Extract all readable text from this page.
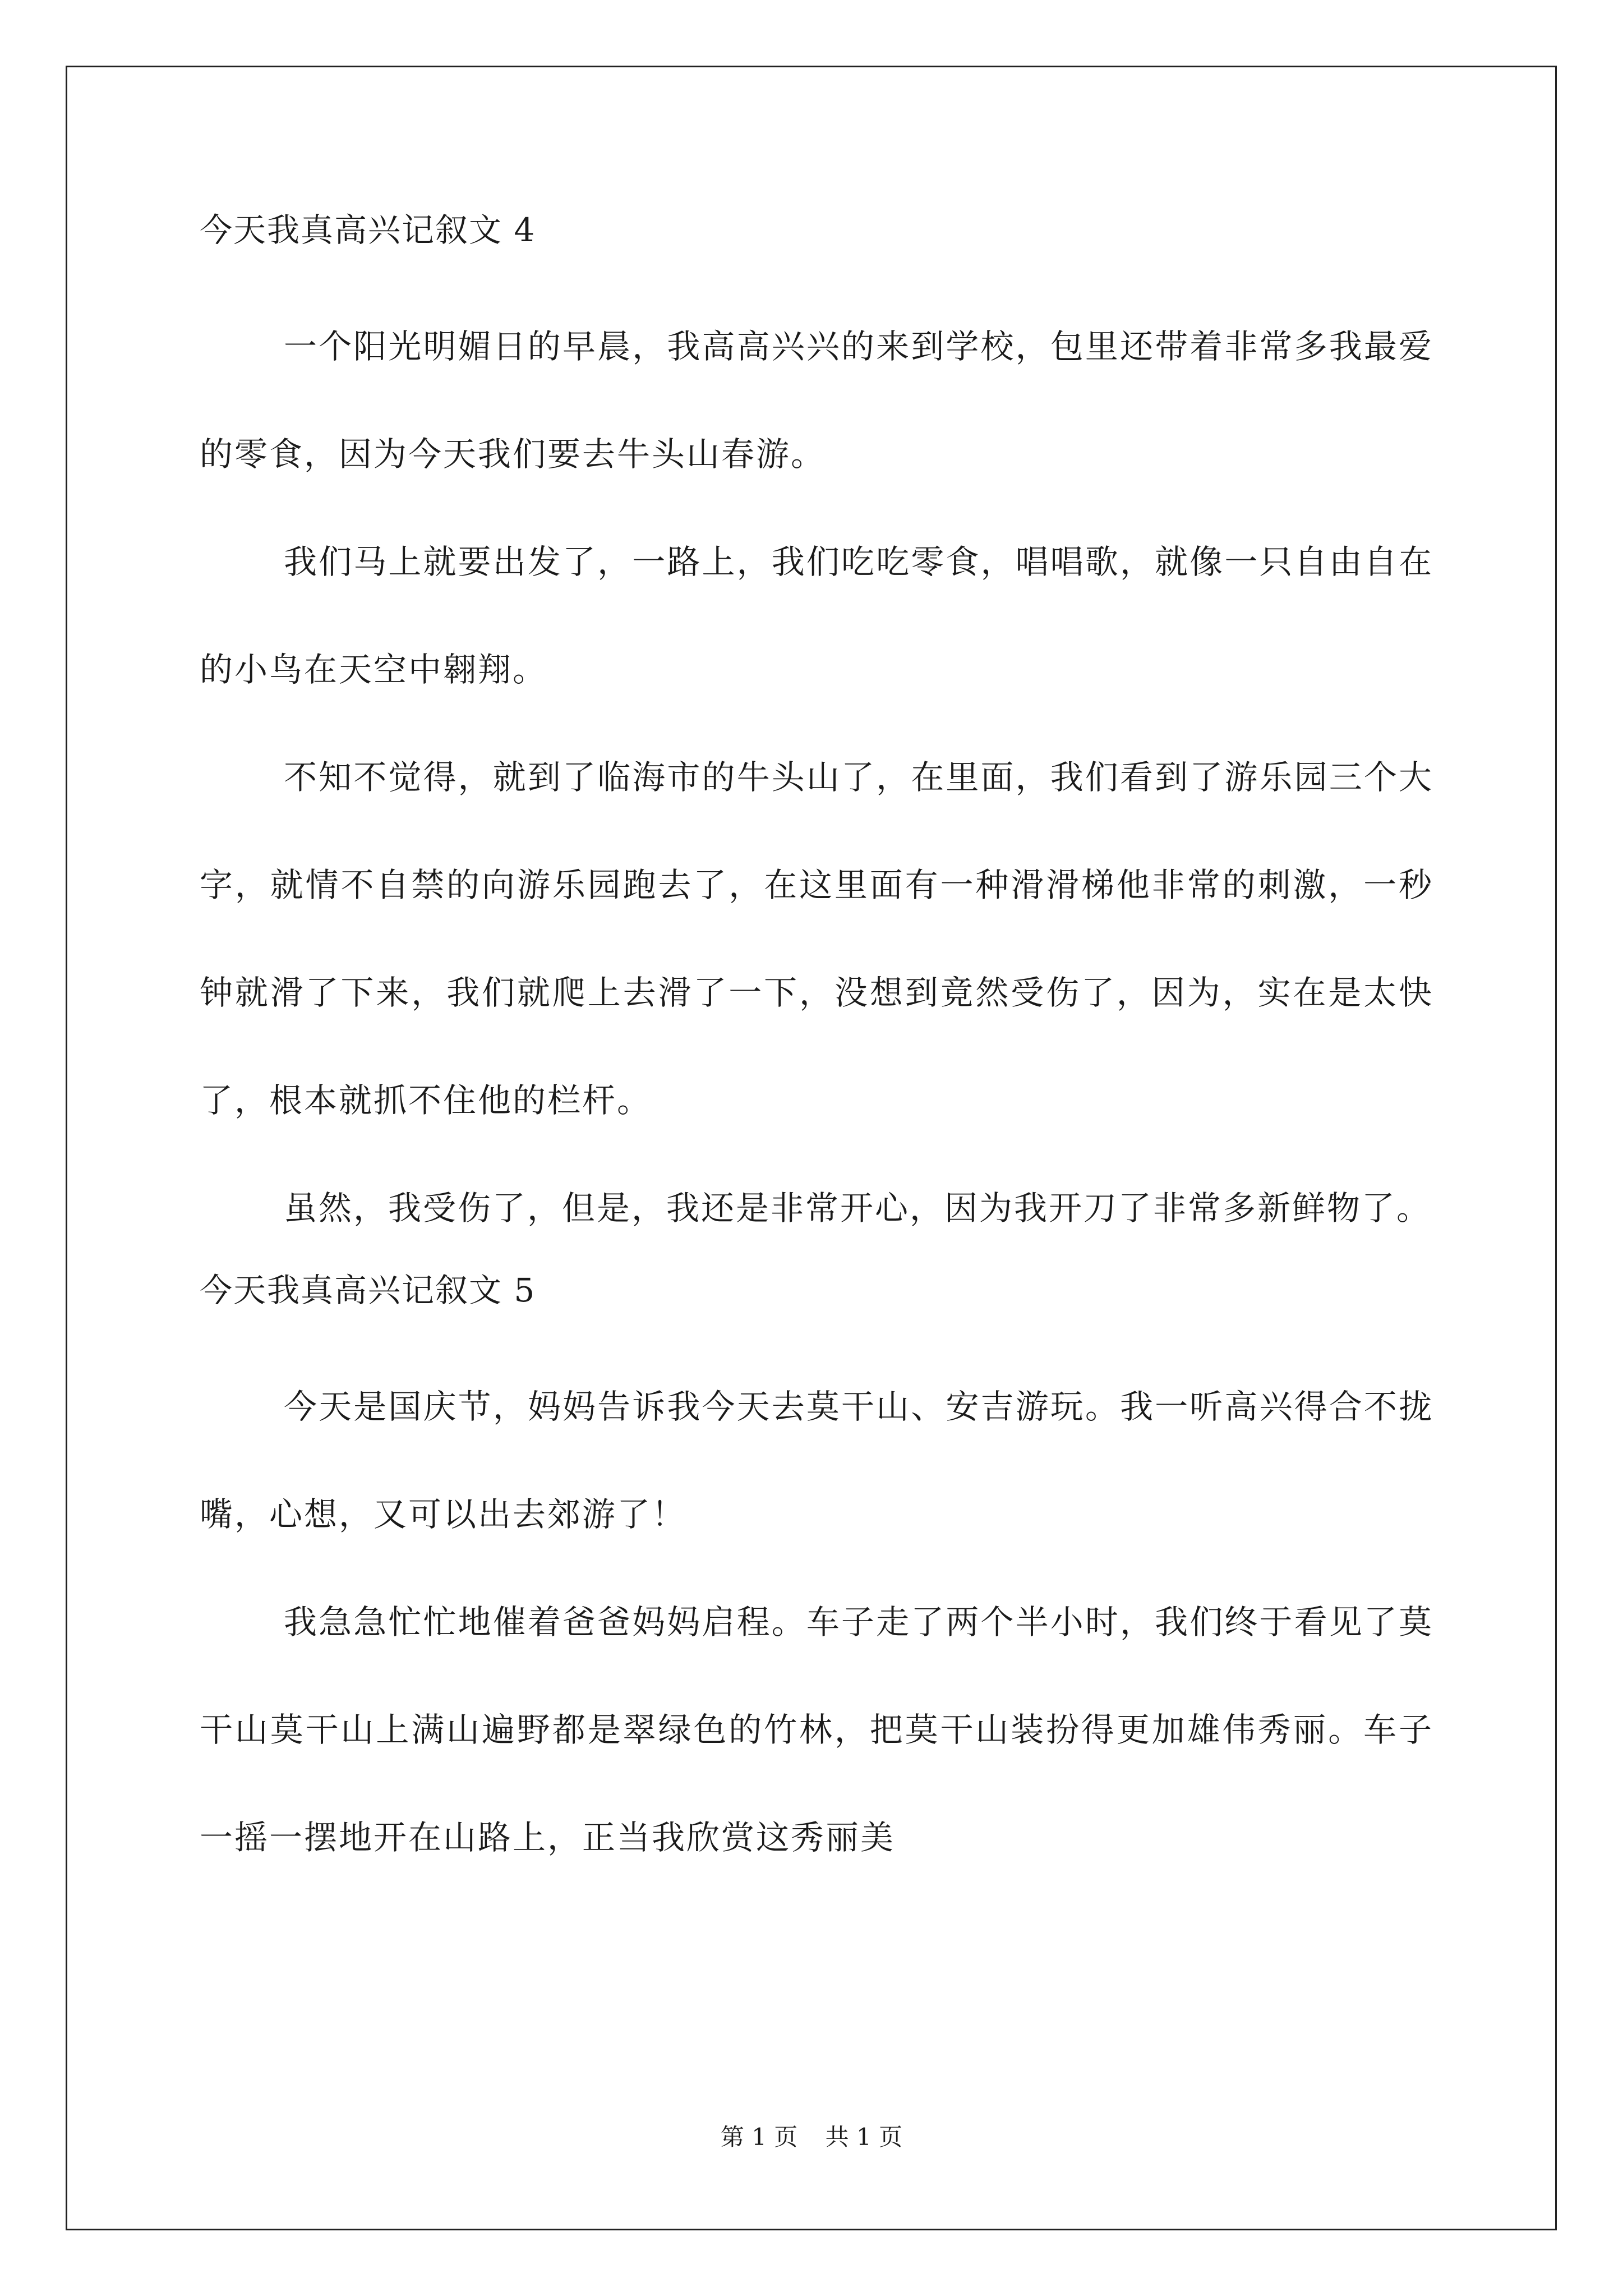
今天我真高兴记叙文 4

一个阳光明媚日的早晨，我高高兴兴的来到学校，包里还带着非常多我最爱的零食，因为今天我们要去牛头山春游。

我们马上就要出发了，一路上，我们吃吃零食，唱唱歌，就像一只自由自在的小鸟在天空中翱翔。

不知不觉得，就到了临海市的牛头山了，在里面，我们看到了游乐园三个大字，就情不自禁的向游乐园跑去了，在这里面有一种滑滑梯他非常的刺激，一秒钟就滑了下来，我们就爬上去滑了一下，没想到竟然受伤了，因为，实在是太快了，根本就抓不住他的栏杆。

虽然，我受伤了，但是，我还是非常开心，因为我开刀了非常多新鲜物了。

今天我真高兴记叙文 5

今天是国庆节，妈妈告诉我今天去莫干山、安吉游玩。我一听高兴得合不拢嘴，心想，又可以出去郊游了！

我急急忙忙地催着爸爸妈妈启程。车子走了两个半小时，我们终于看见了莫干山莫干山上满山遍野都是翠绿色的竹林，把莫干山装扮得更加雄伟秀丽。车子一摇一摆地开在山路上，正当我欣赏这秀丽美

第 1 页 共 1 页
